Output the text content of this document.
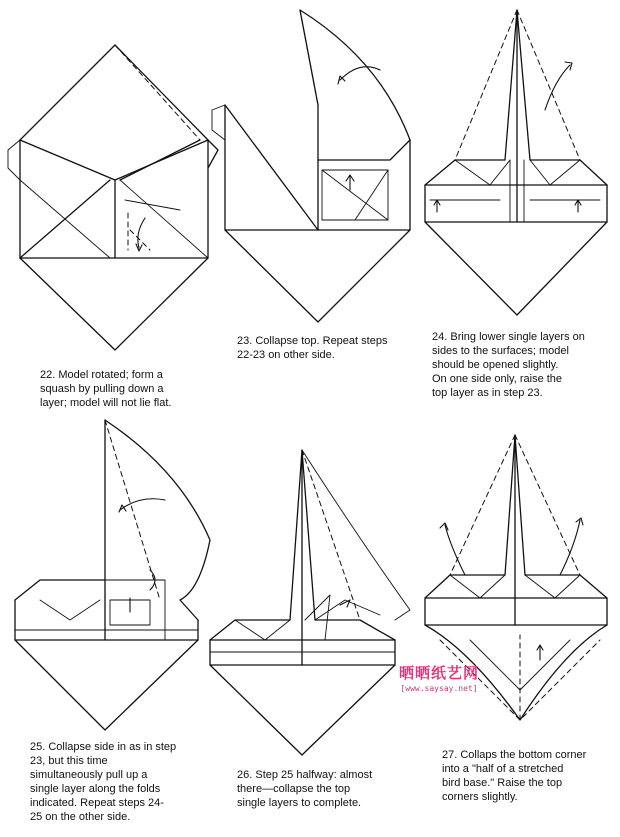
22. Model rotated; form a
squash by pulling down a
layer; model will not lie flat.
23. Collapse top. Repeat steps
22-23 on other side.
24. Bring lower single layers on
sides to the surfaces; model
should be opened slightly.
On one side only, raise the
top layer as in step 23.
25. Collapse side in as in step
23, but this time
simultaneously pull up a
single layer along the folds
indicated. Repeat steps 24-
25 on the other side.
26. Step 25 halfway: almost
there—collapse the top
single layers to complete.
27. Collaps the bottom corner
into a "half of a stretched
bird base." Raise the top
corners slightly.
晒晒纸艺网
[www.saysay.net]
